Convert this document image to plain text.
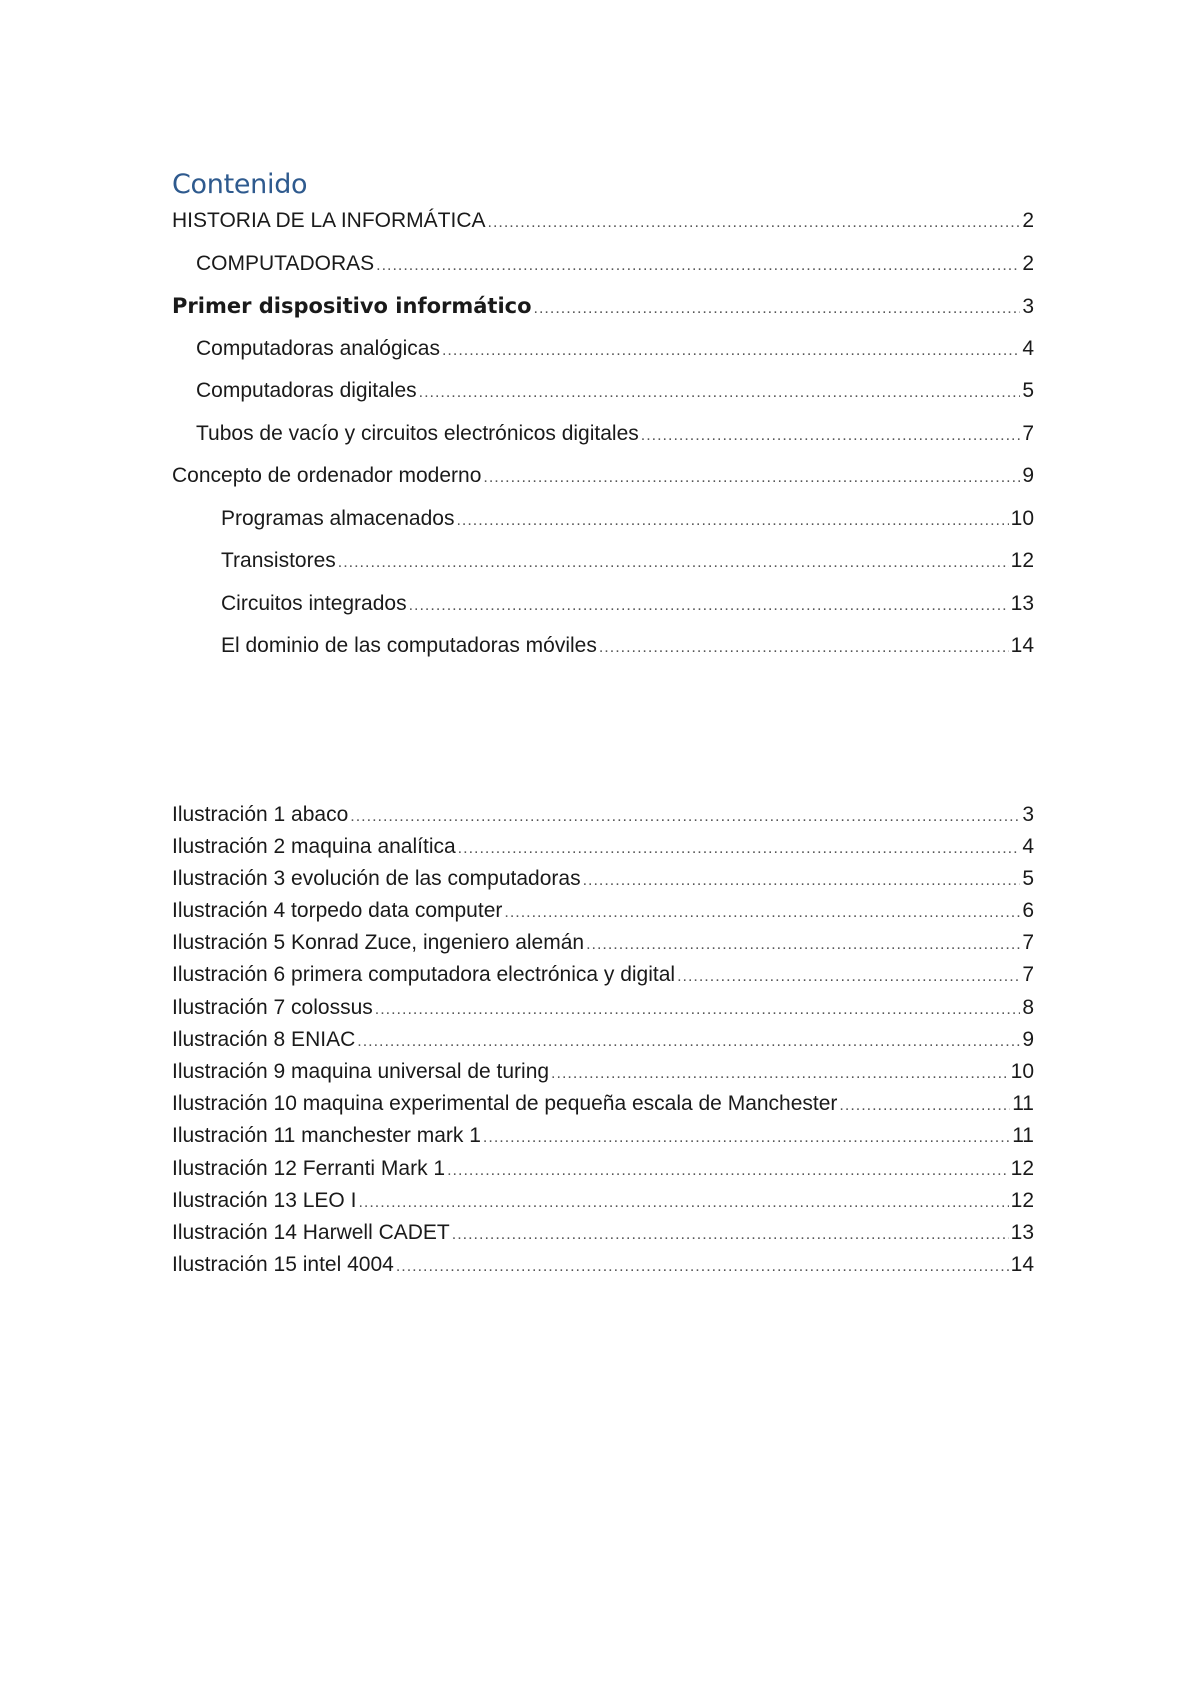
Contenido
HISTORIA DE LA INFORMÁTICA .....	2
COMPUTADORAS .....	2
Primer dispositivo informático .....	3
Computadoras analógicas .....	4
Computadoras digitales .....	5
Tubos de vacío y circuitos electrónicos digitales .....	7
Concepto de ordenador moderno .....	9
Programas almacenados .....	10
Transistores .....	12
Circuitos integrados .....	13
El dominio de las computadoras móviles .....	14
Ilustración 1 abaco .....	3
Ilustración 2 maquina analítica .....	4
Ilustración 3 evolución de las computadoras .....	5
Ilustración 4 torpedo data computer .....	6
Ilustración 5 Konrad Zuce, ingeniero alemán .....	7
Ilustración 6 primera computadora electrónica y digital .....	7
Ilustración 7 colossus .....	8
Ilustración 8 ENIAC .....	9
Ilustración 9 maquina universal de turing .....	10
Ilustración 10 maquina experimental de pequeña escala de Manchester .....	11
Ilustración 11 manchester mark 1 .....	11
Ilustración 12 Ferranti Mark 1 .....	12
Ilustración 13 LEO I .....	12
Ilustración 14 Harwell CADET .....	13
Ilustración 15 intel 4004 .....	14
